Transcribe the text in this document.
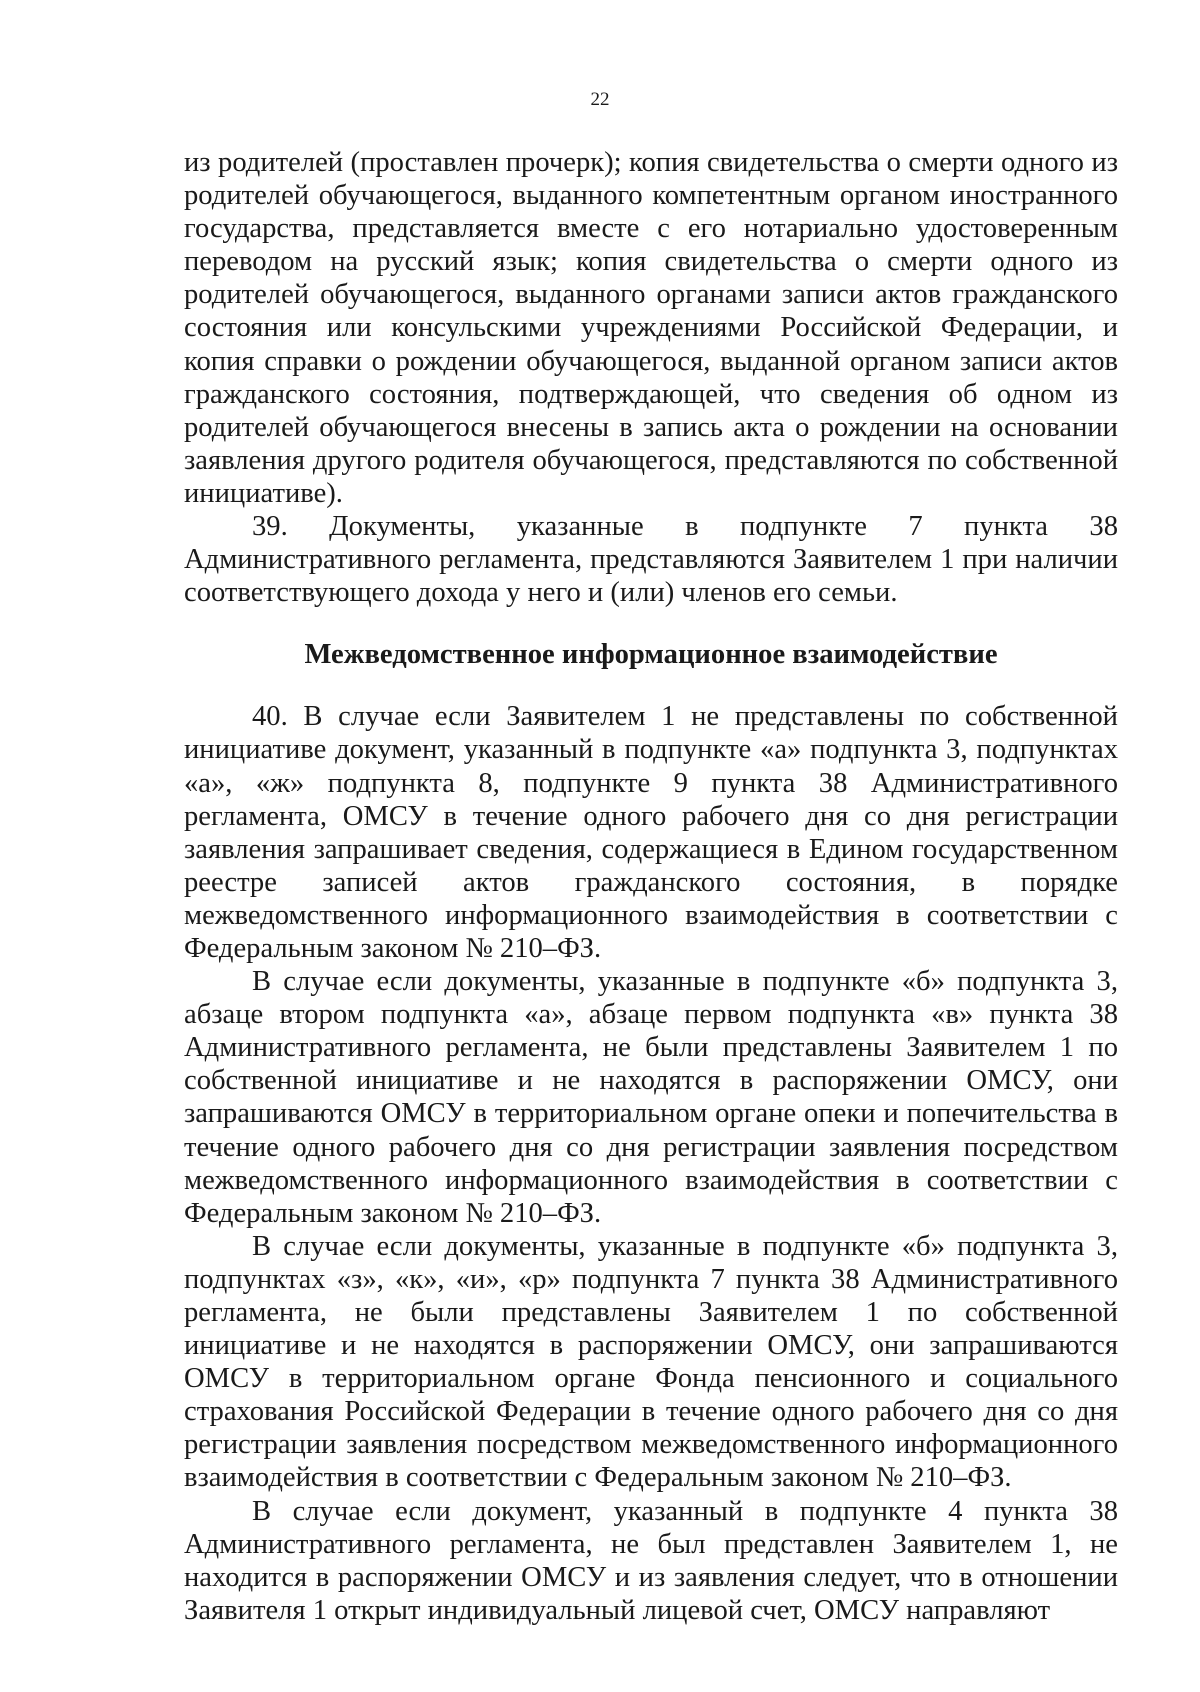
22

из родителей (проставлен прочерк); копия свидетельства о смерти одного из родителей обучающегося, выданного компетентным органом иностранного государства, представляется вместе с его нотариально удостоверенным переводом на русский язык; копия свидетельства о смерти одного из родителей обучающегося, выданного органами записи актов гражданского состояния или консульскими учреждениями Российской Федерации, и копия справки о рождении обучающегося, выданной органом записи актов гражданского состояния, подтверждающей, что сведения об одном из родителей обучающегося внесены в запись акта о рождении на основании заявления другого родителя обучающегося, представляются по собственной инициативе).

39. Документы, указанные в подпункте 7 пункта 38 Административного регламента, представляются Заявителем 1 при наличии соответствующего дохода у него и (или) членов его семьи.

Межведомственное информационное взаимодействие

40. В случае если Заявителем 1 не представлены по собственной инициативе документ, указанный в подпункте «а» подпункта 3, подпунктах «а», «ж» подпункта 8, подпункте 9 пункта 38 Административного регламента, ОМСУ в течение одного рабочего дня со дня регистрации заявления запрашивает сведения, содержащиеся в Едином государственном реестре записей актов гражданского состояния, в порядке межведомственного информационного взаимодействия в соответствии с Федеральным законом № 210–ФЗ.

В случае если документы, указанные в подпункте «б» подпункта 3, абзаце втором подпункта «а», абзаце первом подпункта «в» пункта 38 Административного регламента, не были представлены Заявителем 1 по собственной инициативе и не находятся в распоряжении ОМСУ, они запрашиваются ОМСУ в территориальном органе опеки и попечительства в течение одного рабочего дня со дня регистрации заявления посредством межведомственного информационного взаимодействия в соответствии с Федеральным законом № 210–ФЗ.

В случае если документы, указанные в подпункте «б» подпункта 3, подпунктах «з», «к», «и», «р» подпункта 7 пункта 38 Административного регламента, не были представлены Заявителем 1 по собственной инициативе и не находятся в распоряжении ОМСУ, они запрашиваются ОМСУ в территориальном органе Фонда пенсионного и социального страхования Российской Федерации в течение одного рабочего дня со дня регистрации заявления посредством межведомственного информационного взаимодействия в соответствии с Федеральным законом № 210–ФЗ.

В случае если документ, указанный в подпункте 4 пункта 38 Административного регламента, не был представлен Заявителем 1, не находится в распоряжении ОМСУ и из заявления следует, что в отношении Заявителя 1 открыт индивидуальный лицевой счет, ОМСУ направляют
